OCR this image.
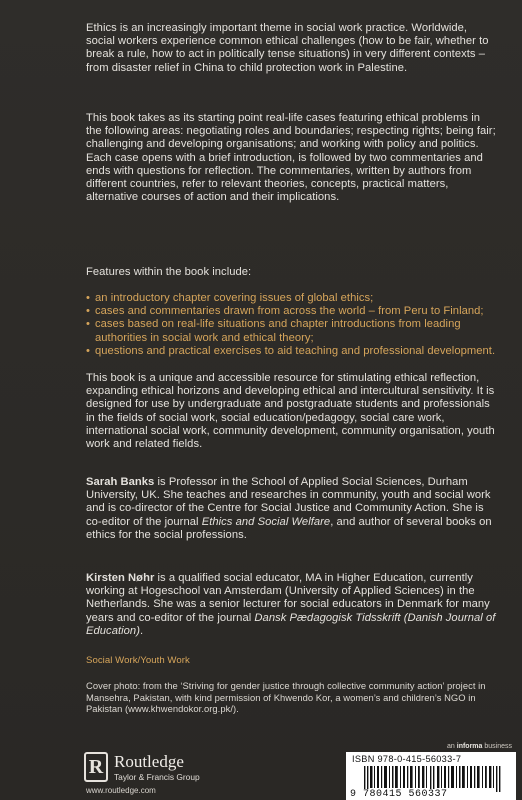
Ethics is an increasingly important theme in social work practice. Worldwide, social workers experience common ethical challenges (how to be fair, whether to break a rule, how to act in politically tense situations) in very different contexts – from disaster relief in China to child protection work in Palestine.

This book takes as its starting point real-life cases featuring ethical problems in the following areas: negotiating roles and boundaries; respecting rights; being fair; challenging and developing organisations; and working with policy and politics. Each case opens with a brief introduction, is followed by two commentaries and ends with questions for reflection. The commentaries, written by authors from different countries, refer to relevant theories, concepts, practical matters, alternative courses of action and their implications.

Features within the book include:

• an introductory chapter covering issues of global ethics;
• cases and commentaries drawn from across the world – from Peru to Finland;
• cases based on real-life situations and chapter introductions from leading authorities in social work and ethical theory;
• questions and practical exercises to aid teaching and professional development.

This book is a unique and accessible resource for stimulating ethical reflection, expanding ethical horizons and developing ethical and intercultural sensitivity. It is designed for use by undergraduate and postgraduate students and professionals in the fields of social work, social education/pedagogy, social care work, international social work, community development, community organisation, youth work and related fields.

Sarah Banks is Professor in the School of Applied Social Sciences, Durham University, UK. She teaches and researches in community, youth and social work and is co-director of the Centre for Social Justice and Community Action. She is co-editor of the journal Ethics and Social Welfare, and author of several books on ethics for the social professions.

Kirsten Nøhr is a qualified social educator, MA in Higher Education, currently working at Hogeschool van Amsterdam (University of Applied Sciences) in the Netherlands. She was a senior lecturer for social educators in Denmark for many years and co-editor of the journal Dansk Pædagogisk Tidsskrift (Danish Journal of Education).

Social Work/Youth Work

Cover photo: from the ‘Striving for gender justice through collective community action’ project in Mansehra, Pakistan, with kind permission of Khwendo Kor, a women’s and children’s NGO in Pakistan (www.khwendokor.org.pk/).

an informa business
R Routledge
Taylor & Francis Group
www.routledge.com
ISBN 978-0-415-56033-7
9 780415 560337
